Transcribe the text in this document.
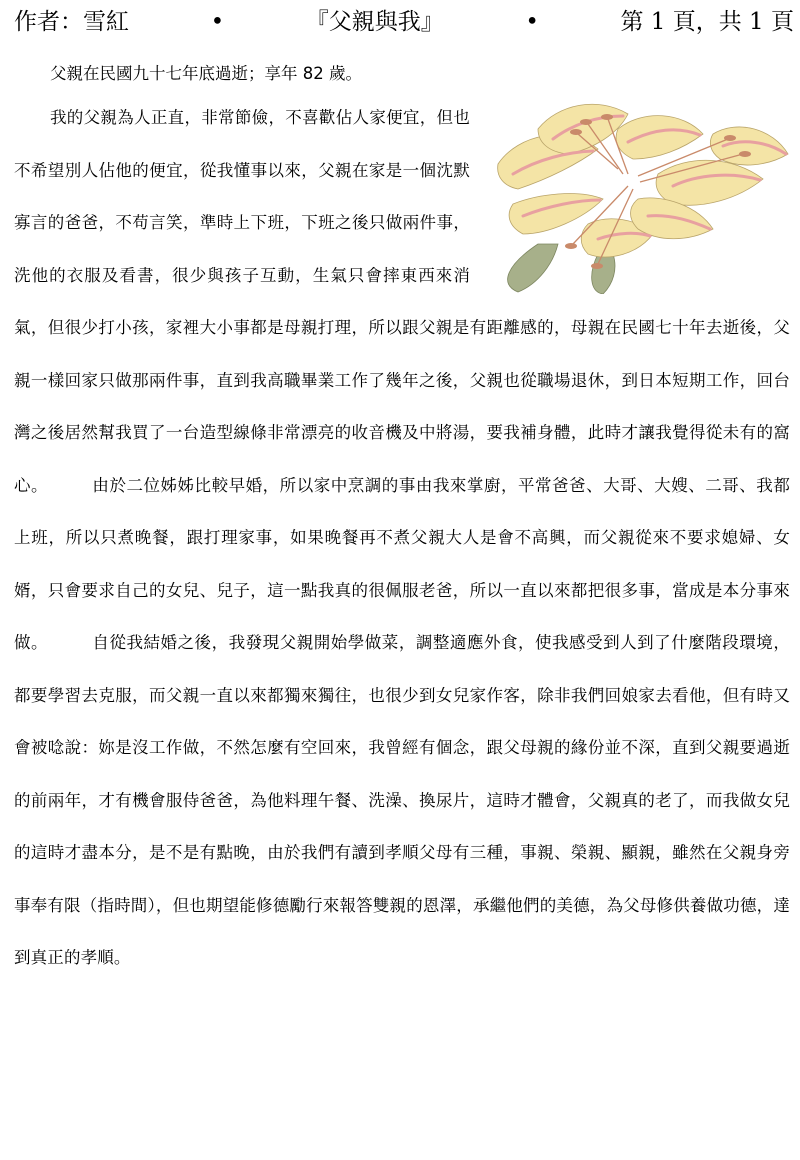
作者：雪紅	•	『父親與我』	•	第 1 頁，共 1 頁

父親在民國九十七年底過逝；享年 82 歲。

我的父親為人正直，非常節儉，不喜歡佔人家便宜，但也不希望別人佔他的便宜，從我懂事以來，父親在家是一個沈默寡言的爸爸，不苟言笑，準時上下班，下班之後只做兩件事，洗他的衣服及看書，很少與孩子互動，生氣只會摔東西來消氣，但很少打小孩，家裡大小事都是母親打理，所以跟父親是有距離感的，母親在民國七十年去逝後，父親一樣回家只做那兩件事，直到我高職畢業工作了幾年之後，父親也從職場退休，到日本短期工作，回台灣之後居然幫我買了一台造型線條非常漂亮的收音機及中將湯，要我補身體，此時才讓我覺得從未有的窩心。	由於二位姊姊比較早婚，所以家中烹調的事由我來掌廚，平常爸爸、大哥、大嫂、二哥、我都上班，所以只煮晚餐，跟打理家事，如果晚餐再不煮父親大人是會不高興，而父親從來不要求媳婦、女婿，只會要求自己的女兒、兒子，這一點我真的很佩服老爸，所以一直以來都把很多事，當成是本分事來做。	自從我結婚之後，我發現父親開始學做菜，調整適應外食，使我感受到人到了什麼階段環境，都要學習去克服，而父親一直以來都獨來獨往，也很少到女兒家作客，除非我們回娘家去看他，但有時又會被唸說：妳是沒工作做，不然怎麼有空回來，我曾經有個念，跟父母親的緣份並不深，直到父親要過逝的前兩年，才有機會服侍爸爸，為他料理午餐、洗澡、換尿片，這時才體會，父親真的老了，而我做女兒的這時才盡本分，是不是有點晚，由於我們有讀到孝順父母有三種，事親、榮親、顯親，雖然在父親身旁事奉有限（指時間），但也期望能修德勵行來報答雙親的恩澤，承繼他們的美德，為父母修供養做功德，達到真正的孝順。
